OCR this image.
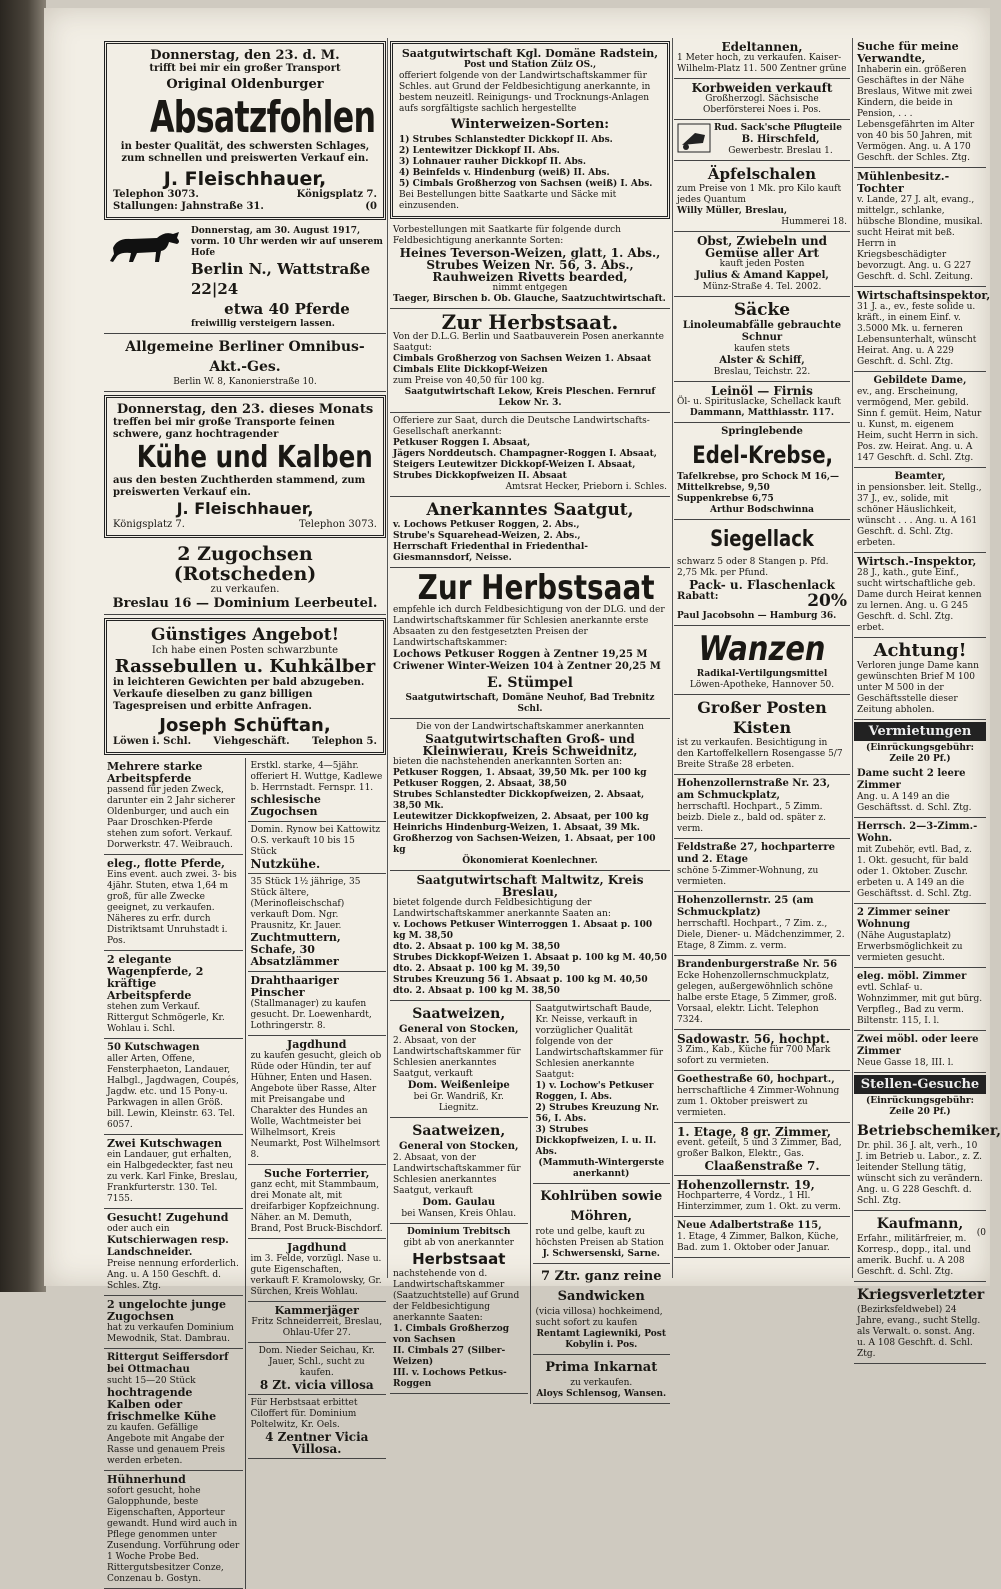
Donnerstag, den 23. d. M.
trifft bei mir ein großer Transport
Original Oldenburger
Absatzfohlen
in bester Qualität, des schwersten Schlages,
zum schnellen und preiswerten Verkauf ein.
J. Fleischhauer,
Telephon 3073.	Königsplatz 7.
Stallungen: Jahnstraße 31.	(0
Donnerstag, am 30. August 1917, vorm. 10 Uhr werden wir auf unserem Hofe
Berlin N., Wattstraße 22|24
etwa 40 Pferde
freiwillig versteigern lassen.
Allgemeine Berliner Omnibus-Akt.-Ges.
Berlin W. 8, Kanonierstraße 10.
Donnerstag, den 23. dieses Monats
treffen bei mir große Transporte feinen schwere, ganz hochtragender
Kühe und Kalben
aus den besten Zuchtherden stammend, zum preiswerten Verkauf ein.
J. Fleischhauer,
Königsplatz 7.	Telephon 3073.
2 Zugochsen (Rotscheden)
zu verkaufen.
Breslau 16 — Dominium Leerbeutel.
Günstiges Angebot!
Ich habe einen Posten schwarzbunte
Rassebullen u. Kuhkälber
in leichteren Gewichten per bald abzugeben. Verkaufe dieselben zu ganz billigen Tagespreisen und erbitte Anfragen.
Joseph Schüftan,
Löwen i. Schl. Viehgeschäft. Telephon 5.
Mehrere starke Arbeitspferde
passend für jeden Zweck, darunter ein 2 Jahr sicherer Oldenburger, und auch ein Paar Droschken-Pferde stehen zum sofort. Verkauf. Dorwerkstr. 47. Weibrauch.
eleg., flotte Pferde,
Eins event. auch zwei. 3- bis 4jähr. Stuten, etwa 1,64 m groß, für alle Zwecke geeignet, zu verkaufen. Näheres zu erfr. durch Distriktsamt Unruhstadt i. Pos.
2 elegante Wagenpferde, 2 kräftige Arbeitspferde
stehen zum Verkauf. Rittergut Schmögerle, Kr. Wohlau i. Schl.
50 Kutschwagen
aller Arten, Offene, Fensterphaeton, Landauer, Halbgl., Jagdwagen, Coupés, Jagdw. etc. und 15 Pony-u. Parkwagen in allen Größ. bill. Lewin, Kleinstr. 63. Tel. 6057.
Zwei Kutschwagen
ein Landauer, gut erhalten, ein Halbgedeckter, fast neu zu verk. Karl Finke, Breslau, Frankfurterstr. 130. Tel. 7155.
Gesucht! Zugehund
oder auch ein
Kutschierwagen resp. Landschneider.
Preise nennung erforderlich. Ang. u. A 150 Geschft. d. Schles. Ztg.
2 ungelochte junge Zugochsen
hat zu verkaufen Dominium Mewodnik, Stat. Dambrau.
Rittergut Seiffersdorf bei Ottmachau
sucht 15—20 Stück
hochtragende Kalben oder frischmelke Kühe
zu kaufen. Gefällige Angebote mit Angabe der Rasse und genauem Preis werden erbeten.
Hühnerhund
sofort gesucht, hohe Galopphunde, beste Eigenschaften, Apporteur gewandt. Hund wird auch in Pflege genommen unter Zusendung. Vorführung oder 1 Woche Probe Bed. Rittergutsbesitzer Conze, Conzenau b. Gostyn.
Erstkl. starke, 4—5jähr. offeriert H. Wuttge, Kadlewe b. Herrnstadt. Fernspr. 11.
schlesische Zugochsen
Domin. Rynow bei Kattowitz O.S. verkauft 10 bis 15 Stück
Nutzkühe.
35 Stück 1½ jährige, 35 Stück ältere, (Merinofleischschaf) verkauft Dom. Ngr. Prausnitz, Kr. Jauer.
Zuchtmuttern, Schafe, 30 Absatzlämmer
Drahthaariger Pinscher
(Stallmanager) zu kaufen gesucht. Dr. Loewenhardt, Lothringerstr. 8.
Jagdhund
zu kaufen gesucht, gleich ob Rüde oder Hündin, ter auf Hühner, Enten und Hasen. Angebote über Rasse, Alter mit Preisangabe und Charakter des Hundes an Wolle, Wachtmeister bei Wilhelmsort, Kreis Neumarkt, Post Wilhelmsort 8.
Suche Forterrier,
ganz echt, mit Stammbaum, drei Monate alt, mit dreifarbiger Kopfzeichnung. Näher. an M. Demuth, Brand, Post Bruck-Bischdorf.
Jagdhund
im 3. Felde, vorzügl. Nase u. gute Eigenschaften, verkauft F. Kramolowsky, Gr. Sürchen, Kreis Wohlau.
Kammerjäger
Fritz Schneiderreit, Breslau, Ohlau-Ufer 27.
Dom. Nieder Seichau, Kr. Jauer, Schl., sucht zu kaufen.
8 Zt. vicia villosa
Für Herbstsaat erbittet Ciloffert für. Dominium Poltelwitz, Kr. Oels.
4 Zentner Vicia Villosa.
Saatgutwirtschaft Kgl. Domäne Radstein,
Post und Station Zülz OS.,
offeriert folgende von der Landwirtschaftskammer für Schles. aut Grund der Feldbesichtigung anerkannte, in bestem neuzeitl. Reinigungs- und Trocknungs-Anlagen aufs sorgfältigste sachlich hergestellte
Winterweizen-Sorten:
1) Strubes Schlanstedter Dickkopf II. Abs.
2) Lentewitzer Dickkopf II. Abs.
3) Lohnauer rauher Dickkopf II. Abs.
4) Beinfelds v. Hindenburg (weiß) II. Abs.
5) Cimbals Großherzog von Sachsen (weiß) I. Abs.
Bei Bestellungen bitte Saatkarte und Säcke mit einzusenden.
Vorbestellungen mit Saatkarte für folgende durch Feldbesichtigung anerkannte Sorten:
Heines Teverson-Weizen, glatt, 1. Abs.,
Strubes Weizen Nr. 56, 3. Abs.,
Rauhweizen Rivetts bearded,
nimmt entgegen
Taeger, Birschen b. Ob. Glauche, Saatzuchtwirtschaft.
Zur Herbstsaat.
Von der D.L.G. Berlin und Saatbauverein Posen anerkannte Saatgut:
Cimbals Großherzog von Sachsen Weizen 1. Absaat
Cimbals Elite Dickkopf-Weizen
zum Preise von 40,50 für 100 kg.
Saatgutwirtschaft Lekow, Kreis Pleschen. Fernruf Lekow Nr. 3.
Offeriere zur Saat, durch die Deutsche Landwirtschafts-Gesellschaft anerkannt:
Petkuser Roggen I. Absaat,
Jägers Norddeutsch. Champagner-Roggen I. Absaat,
Steigers Leutewitzer Dickkopf-Weizen I. Absaat,
Strubes Dickkopfweizen II. Absaat
Amtsrat Hecker, Prieborn i. Schles.
Anerkanntes Saatgut,
v. Lochows Petkuser Roggen, 2. Abs.,
Strube's Squarehead-Weizen, 2. Abs.,
Herrschaft Friedenthal in Friedenthal-Giesmannsdorf, Neisse.
Zur Herbstsaat
empfehle ich durch Feldbesichtigung von der DLG. und der Landwirtschaftskammer für Schlesien anerkannte erste Absaaten zu den festgesetzten Preisen der Landwirtschaftskammer:
Lochows Petkuser Roggen à Zentner 19,25 M
Criwener Winter-Weizen 104 à Zentner 20,25 M
E. Stümpel
Saatgutwirtschaft, Domäne Neuhof, Bad Trebnitz Schl.
Die von der Landwirtschaftskammer anerkannten
Saatgutwirtschaften Groß- und Kleinwierau, Kreis Schweidnitz,
bieten die nachstehenden anerkannten Sorten an:
Petkuser Roggen, 1. Absaat, 39,50 Mk. per 100 kg
Petkuser Roggen, 2. Absaat, 38,50
Strubes Schlanstedter Dickkopfweizen, 2. Absaat, 38,50 Mk.
Leutewitzer Dickkopfweizen, 2. Absaat, per 100 kg
Heinrichs Hindenburg-Weizen, 1. Absaat, 39 Mk.
Großherzog von Sachsen-Weizen, 1. Absaat, per 100 kg
Ökonomierat Koenlechner.
Saatgutwirtschaft Maltwitz, Kreis Breslau,
bietet folgende durch Feldbesichtigung der Landwirtschaftskammer anerkannte Saaten an:
v. Lochows Petkuser Winterroggen 1. Absaat p. 100 kg M. 38,50
dto. 2. Absaat p. 100 kg M. 38,50
Strubes Dickkopf-Weizen 1. Absaat p. 100 kg M. 40,50
dto. 2. Absaat p. 100 kg M. 39,50
Strubes Kreuzung 56 1. Absaat p. 100 kg M. 40,50
dto. 2. Absaat p. 100 kg M. 38,50
Saatweizen,
General von Stocken,
2. Absaat, von der Landwirtschaftskammer für Schlesien anerkanntes Saatgut, verkauft
Dom. Weißenleipe
bei Gr. Wandriß, Kr. Liegnitz.
Saatweizen,
General von Stocken,
2. Absaat, von der Landwirtschaftskammer für Schlesien anerkanntes Saatgut, verkauft
Dom. Gaulau
bei Wansen, Kreis Ohlau.
Dominium Trebitsch
gibt ab von anerkannter
Herbstsaat
nachstehende von d. Landwirtschaftskammer (Saatzuchtstelle) auf Grund der Feldbesichtigung anerkannte Saaten:
1. Cimbals Großherzog von Sachsen
II. Cimbals 27 (Silber-Weizen)
III. v. Lochows Petkus-Roggen
Saatgutwirtschaft Baude, Kr. Neisse, verkauft in vorzüglicher Qualität folgende von der Landwirtschaftskammer für Schlesien anerkannte Saatgut:
1) v. Lochow's Petkuser Roggen, I. Abs.
2) Strubes Kreuzung Nr. 56, I. Abs.
3) Strubes Dickkopfweizen, I. u. II. Abs.
(Mammuth-Wintergerste anerkannt)
Kohlrüben sowie Möhren,
rote und gelbe, kauft zu höchsten Preisen ab Station
J. Schwersenski, Sarne.
7 Ztr. ganz reine Sandwicken
(vicia villosa) hochkeimend, sucht sofort zu kaufen
Rentamt Lagiewniki, Post Kobylin i. Pos.
Prima Inkarnat
zu verkaufen.
Aloys Schlensog, Wansen.
Edeltannen,
1 Meter hoch, zu verkaufen. Kaiser-Wilhelm-Platz 11. 500 Zentner grüne
Korbweiden verkauft
Großherzogl. Sächsische Oberförsterei Noes i. Pos.
Rud. Sack'sche Pflugteile
B. Hirschfeld,
Gewerbestr. Breslau 1.
Äpfelschalen
zum Preise von 1 Mk. pro Kilo kauft jedes Quantum
Willy Müller, Breslau,
Hummerei 18.
Obst, Zwiebeln und Gemüse aller Art
kauft jeden Posten
Julius & Amand Kappel,
Münz-Straße 4. Tel. 2002.
Säcke
Linoleumabfälle gebrauchte Schnur
kaufen stets
Alster & Schiff,
Breslau, Teichstr. 22.
Leinöl — Firnis
Öl- u. Spirituslacke, Schellack kauft
Dammann, Matthiasstr. 117.
Springlebende
Edel-Krebse,
Tafelkrebse, pro Schock M 16,—
Mittelkrebse, 9,50
Suppenkrebse 6,75
Arthur Bodschwinna
Siegellack
schwarz 5 oder 8 Stangen p. Pfd. 2,75 Mk. per Pfund.
Pack- u. Flaschenlack
Rabatt:	20%
Paul Jacobsohn — Hamburg 36.
Wanzen
Radikal-Vertilgungsmittel
Löwen-Apotheke, Hannover 50.
Großer Posten Kisten
ist zu verkaufen. Besichtigung in den Kartoffelkellern Rosengasse 5/7
Breite Straße 28 erbeten.
Hohenzollernstraße Nr. 23, am Schmuckplatz,
herrschaftl. Hochpart., 5 Zimm. beizb. Diele z., bald od. später z. verm.
Feldstraße 27, hochparterre und 2. Etage
schöne 5-Zimmer-Wohnung, zu vermieten.
Hohenzollernstr. 25 (am Schmuckplatz)
herrschaftl. Hochpart., 7 Zim. z., Diele, Diener- u. Mädchenzimmer, 2. Etage, 8 Zimm. z. verm.
Brandenburgerstraße Nr. 56
Ecke Hohenzollernschmuckplatz, gelegen, außergewöhnlich schöne halbe erste Etage, 5 Zimmer, groß. Vorsaal, elektr. Licht. Telephon 7324.
Sadowastr. 56, hochpt.
3 Zim., Kab., Küche für 700 Mark sofort zu vermieten.
Goethestraße 60, hochpart.,
herrschaftliche 4 Zimmer-Wohnung zum 1. Oktober preiswert zu vermieten.
1. Etage, 8 gr. Zimmer,
event. geteilt, 5 und 3 Zimmer, Bad, großer Balkon, Elektr., Gas.
Claaßenstraße 7.
Hohenzollernstr. 19,
Hochparterre, 4 Vordz., 1 Hl. Hinterzimmer, zum 1. Okt. zu verm.
Neue Adalbertstraße 115,
1. Etage, 4 Zimmer, Balkon, Küche, Bad. zum 1. Oktober oder Januar.
Suche für meine Verwandte,
Inhaberin ein. größeren Geschäftes in der Nähe Breslaus, Witwe mit zwei Kindern, die beide in Pension, . . . Lebensgefährten im Alter von 40 bis 50 Jahren, mit Vermögen. Ang. u. A 170 Geschft. der Schles. Ztg.
Mühlenbesitz.-Tochter
v. Lande, 27 J. alt, evang., mittelgr., schlanke, hübsche Blondine, musikal. sucht Heirat mit beß. Herrn in Kriegsbeschädigter bevorzugt. Ang. u. G 227 Geschft. d. Schl. Zeitung.
Wirtschaftsinspektor,
31 J. a., ev., feste solide u. kräft., in einem Einf. v. 3.5000 Mk. u. ferneren Lebensunterhalt, wünscht Heirat. Ang. u. A 229 Geschft. d. Schl. Ztg.
Gebildete Dame,
ev., ang. Erscheinung, vermögend, Mer. gebild. Sinn f. gemüt. Heim, Natur u. Kunst, m. eigenem Heim, sucht Herrn in sich. Pos. zw. Heirat. Ang. u. A 147 Geschft. d. Schl. Ztg.
Beamter,
in pensionsber. leit. Stellg., 37 J., ev., solide, mit schöner Häuslichkeit, wünscht . . . Ang. u. A 161 Geschft. d. Schl. Ztg. erbeten.
Wirtsch.-Inspektor,
28 J., kath., gute Einf., sucht wirtschaftliche geb. Dame durch Heirat kennen zu lernen. Ang. u. G 245 Geschft. d. Schl. Ztg. erbet.
Achtung!
Verloren junge Dame kann gewünschten Brief M 100 unter M 500 in der Geschäftsstelle dieser Zeitung abholen.
Vermietungen
(Einrückungsgebühr: Zeile 20 Pf.)
Dame sucht 2 leere Zimmer
Ang. u. A 149 an die Geschäftsst. d. Schl. Ztg.
Herrsch. 2—3-Zimm.-Wohn.
mit Zubehör, evtl. Bad, z. 1. Okt. gesucht, für bald oder 1. Oktober. Zuschr. erbeten u. A 149 an die Geschäftsst. d. Schl. Ztg.
2 Zimmer seiner Wohnung
(Nähe Augustaplatz) Erwerbsmöglichkeit zu vermieten gesucht.
eleg. möbl. Zimmer
evtl. Schlaf- u. Wohnzimmer, mit gut bürg. Verpfleg., Bad zu verm. Biltenstr. 115, I. l.
Zwei möbl. oder leere Zimmer
Neue Gasse 18, III. l.
Stellen-Gesuche
(Einrückungsgebühr: Zeile 20 Pf.)
Betriebschemiker,
Dr. phil. 36 J. alt, verh., 10 J. im Betrieb u. Labor., z. Z. leitender Stellung tätig, wünscht sich zu verändern. Ang. u. G 228 Geschft. d. Schl. Ztg.
Kaufmann,
Erfahr., militärfreier, m. Korresp., dopp., ital. und amerik. Buchf. u. A 208 Geschft. d. Schl. Ztg.
Kriegsverletzter
(Bezirksfeldwebel) 24 Jahre, evang., sucht Stellg. als Verwalt. o. sonst. Ang. u. A 108 Geschft. d. Schl. Ztg.
(0
